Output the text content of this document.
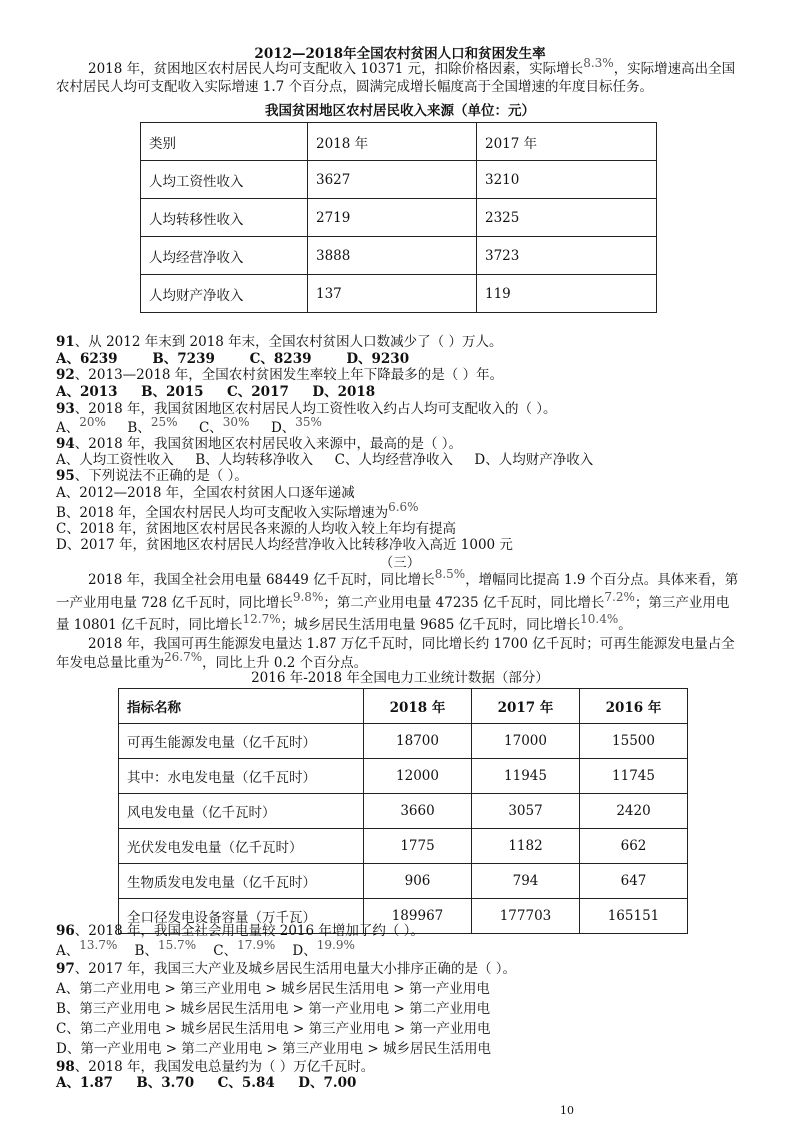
2012—2018年全国农村贫困人口和贫困发生率
2018 年，贫困地区农村居民人均可支配收入 10371 元，扣除价格因素，实际增长8.3%，实际增速高出全国
农村居民人均可支配收入实际增速 1.7 个百分点，圆满完成增长幅度高于全国增速的年度目标任务。
我国贫困地区农村居民收入来源（单位：元）
类别	2018 年	2017 年
人均工资性收入	3627	3210
人均转移性收入	2719	2325
人均经营净收入	3888	3723
人均财产净收入	137	119
91、从 2012 年末到 2018 年末，全国农村贫困人口数减少了（ ）万人。
A、6239	B、7239	C、8239	D、9230
92、2013—2018 年，全国农村贫困发生率较上年下降最多的是（ ）年。
A、2013 B、2015 C、2017 D、2018
93、2018 年，我国贫困地区农村居民人均工资性收入约占人均可支配收入的（ ）。
A、20% B、25% C、30% D、35%
94、2018 年，我国贫困地区农村居民收入来源中，最高的是（ ）。
A、人均工资性收入 B、人均转移净收入 C、人均经营净收入 D、人均财产净收入
95、下列说法不正确的是（ ）。
A、2012—2018 年，全国农村贫困人口逐年递减
B、2018 年，全国农村居民人均可支配收入实际增速为6.6%
C、2018 年，贫困地区农村居民各来源的人均收入较上年均有提高
D、2017 年，贫困地区农村居民人均经营净收入比转移净收入高近 1000 元
（三）
2018 年，我国全社会用电量 68449 亿千瓦时，同比增长8.5%，增幅同比提高 1.9 个百分点。具体来看，第
一产业用电量 728 亿千瓦时，同比增长9.8%；第二产业用电量 47235 亿千瓦时，同比增长7.2%；第三产业用电
量 10801 亿千瓦时，同比增长12.7%；城乡居民生活用电量 9685 亿千瓦时，同比增长10.4%。
2018 年，我国可再生能源发电量达 1.87 万亿千瓦时，同比增长约 1700 亿千瓦时；可再生能源发电量占全
年发电总量比重为26.7%，同比上升 0.2 个百分点。
2016 年-2018 年全国电力工业统计数据（部分）
指标名称	2018 年	2017 年	2016 年
可再生能源发电量（亿千瓦时）	18700	17000	15500
其中：水电发电量（亿千瓦时）	12000	11945	11745
风电发电量（亿千瓦时）	3660	3057	2420
光伏发电发电量（亿千瓦时）	1775	1182	662
生物质发电发电量（亿千瓦时）	906	794	647
全口径发电设备容量（万千瓦）	189967	177703	165151
96、2018 年，我国全社会用电量较 2016 年增加了约（ ）。
A、13.7% B、15.7% C、17.9% D、19.9%
97、2017 年，我国三大产业及城乡居民生活用电量大小排序正确的是（ ）。
A、第二产业用电 > 第三产业用电 > 城乡居民生活用电 > 第一产业用电
B、第三产业用电 > 城乡居民生活用电 > 第一产业用电 > 第二产业用电
C、第二产业用电 > 城乡居民生活用电 > 第三产业用电 > 第一产业用电
D、第一产业用电 > 第二产业用电 > 第三产业用电 > 城乡居民生活用电
98、2018 年，我国发电总量约为（ ）万亿千瓦时。
A、1.87 B、3.70 C、5.84 D、7.00
10
